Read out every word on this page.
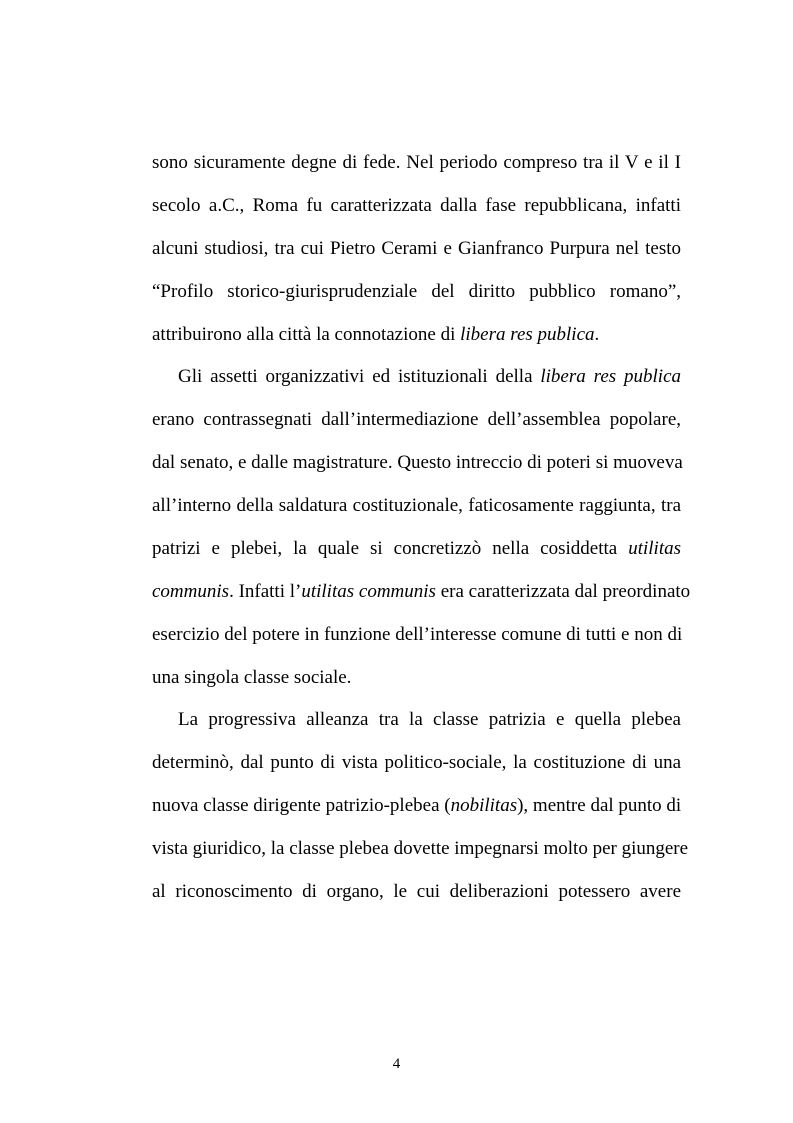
sono sicuramente degne di fede. Nel periodo compreso tra il V e il I
secolo a.C., Roma fu caratterizzata dalla fase repubblicana, infatti
alcuni studiosi, tra cui Pietro Cerami e Gianfranco Purpura nel testo
“Profilo storico-giurisprudenziale del diritto pubblico romano”,
attribuirono alla città la connotazione di libera res publica.
Gli assetti organizzativi ed istituzionali della libera res publica
erano contrassegnati dall’intermediazione dell’assemblea popolare,
dal senato, e dalle magistrature. Questo intreccio di poteri si muoveva
all’interno della saldatura costituzionale, faticosamente raggiunta, tra
patrizi e plebei, la quale si concretizzò nella cosiddetta utilitas
communis. Infatti l’utilitas communis era caratterizzata dal preordinato
esercizio del potere in funzione dell’interesse comune di tutti e non di
una singola classe sociale.
La progressiva alleanza tra la classe patrizia e quella plebea
determinò, dal punto di vista politico-sociale, la costituzione di una
nuova classe dirigente patrizio-plebea (nobilitas), mentre dal punto di
vista giuridico, la classe plebea dovette impegnarsi molto per giungere
al riconoscimento di organo, le cui deliberazioni potessero avere
4
